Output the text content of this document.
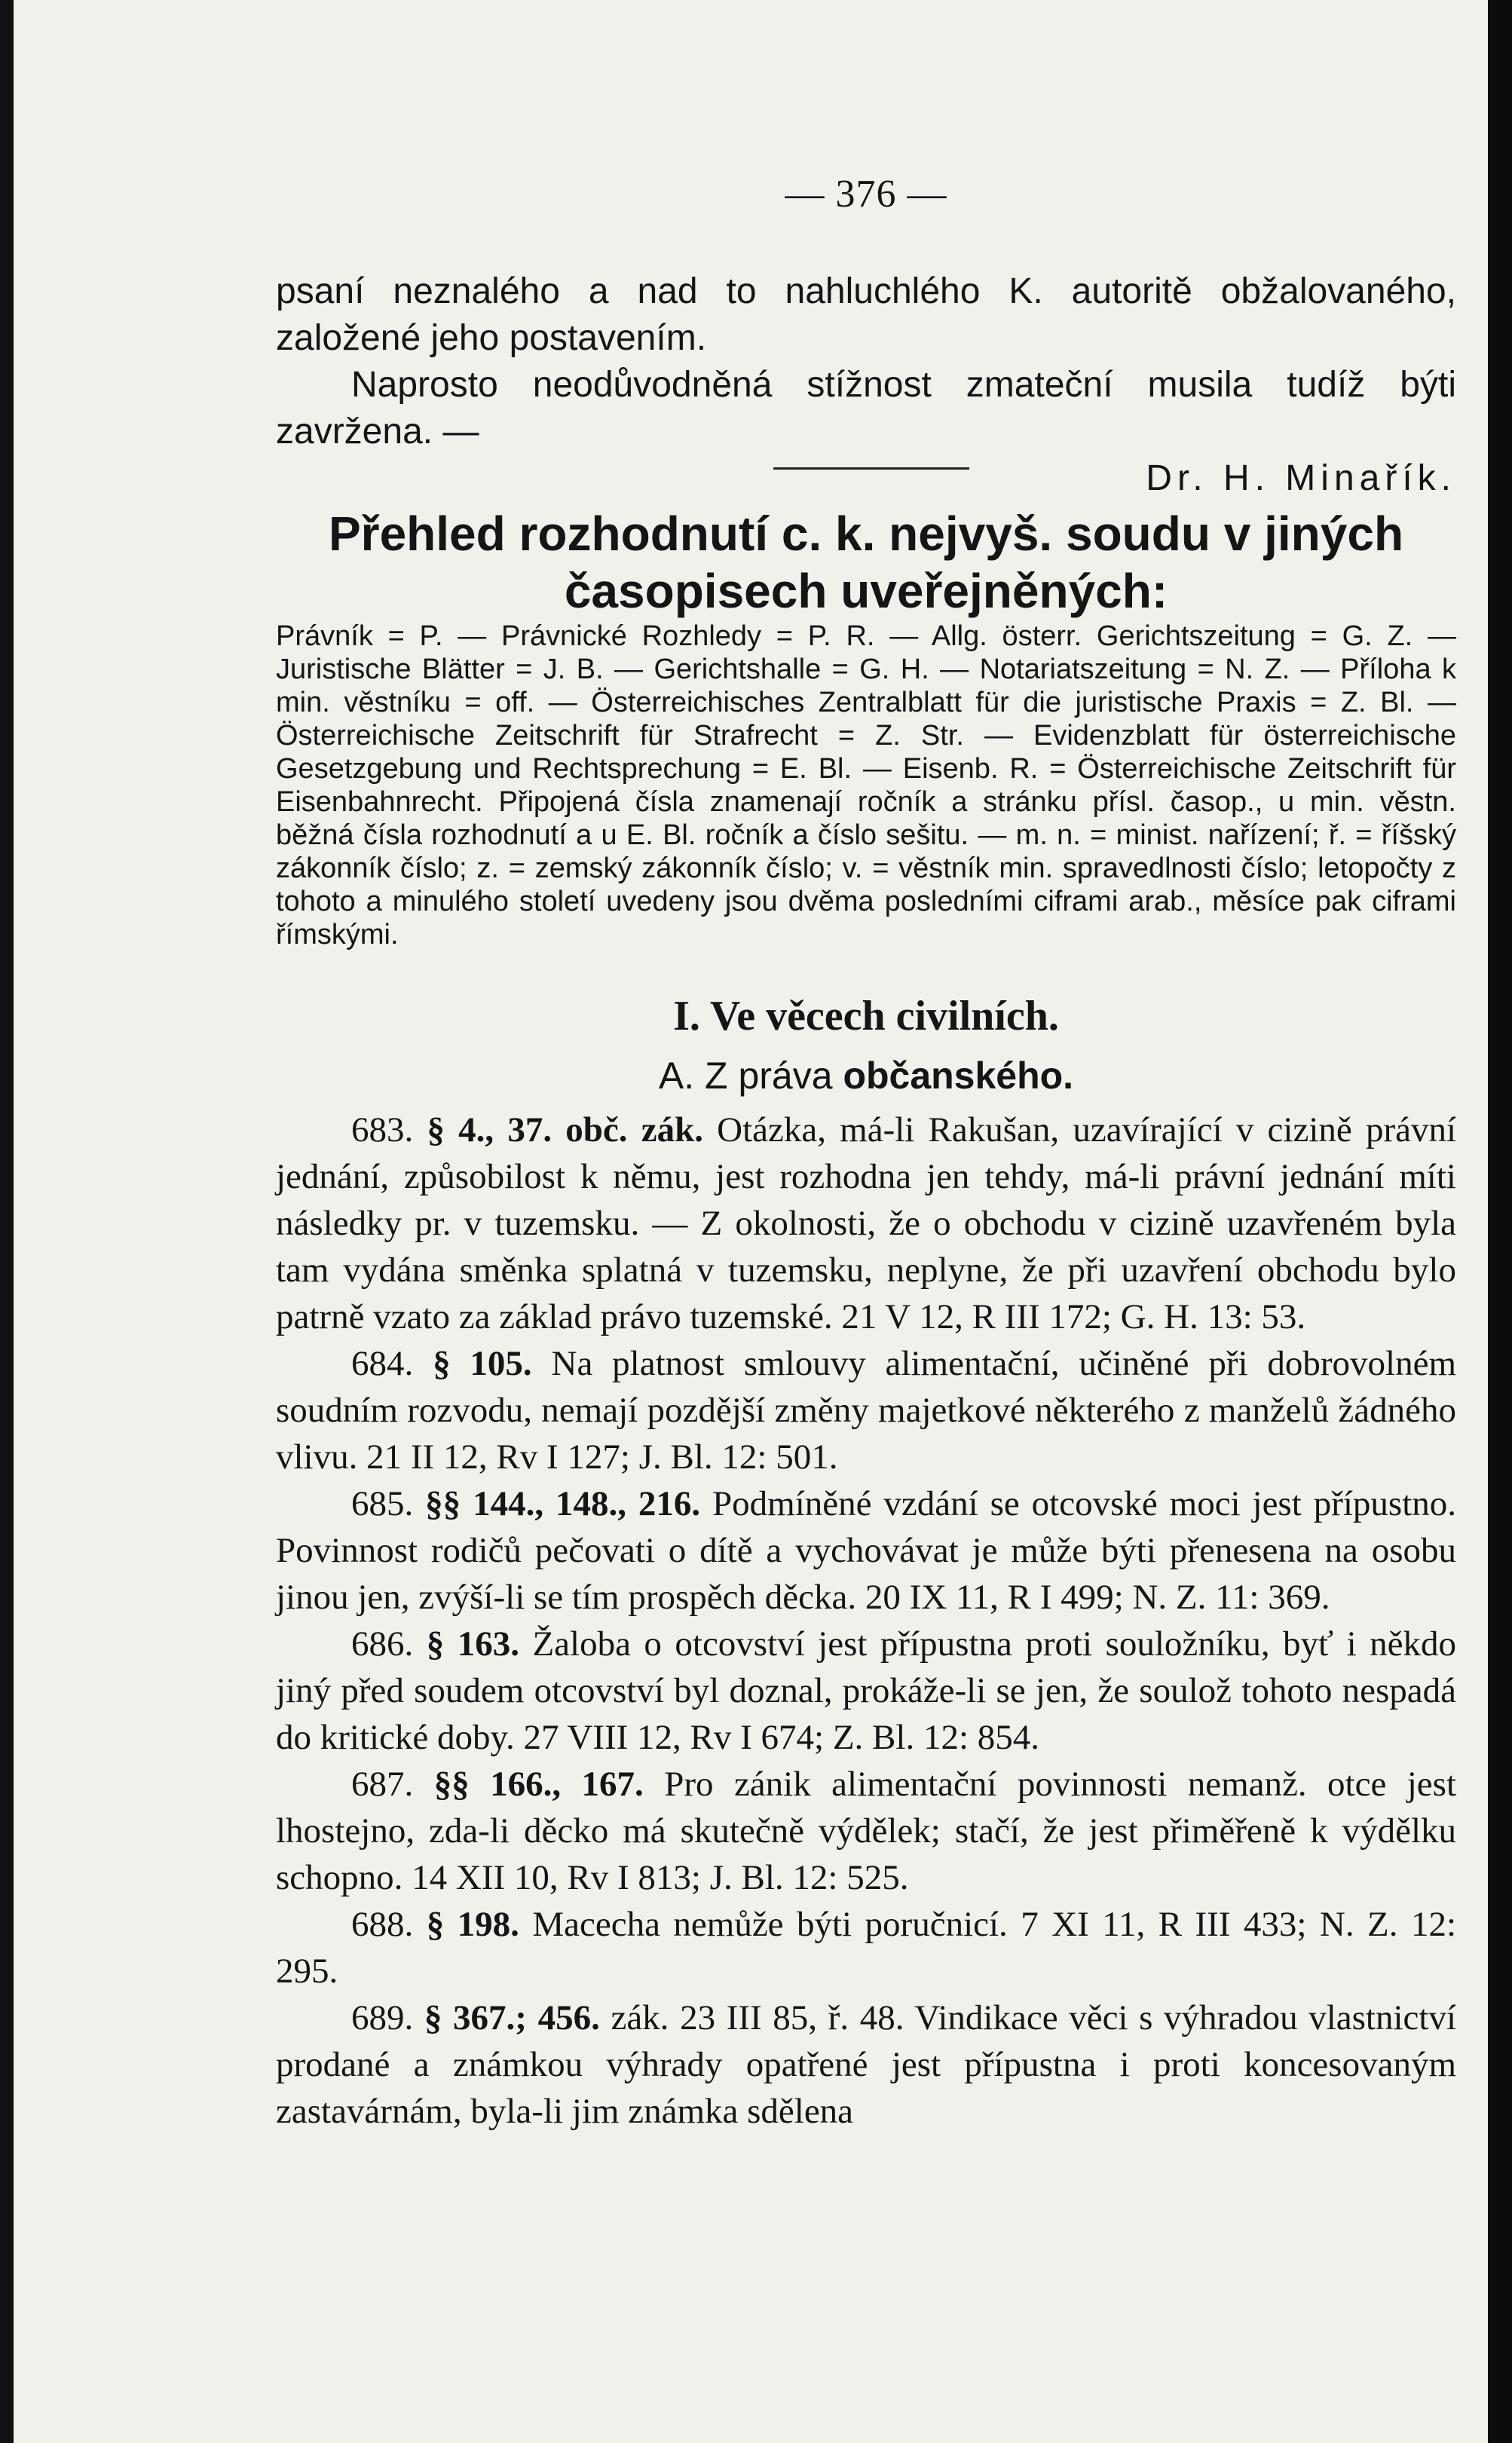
— 376 —

psaní neznalého a nad to nahluchlého K. autoritě obžalovaného, založené jeho postavením.

Naprosto neodůvodněná stížnost zmateční musila tudíž býti zavržena. —

Dr. H. Minařík.

Přehled rozhodnutí c. k. nejvyš. soudu v jiných
časopisech uveřejněných:

Právník = P. — Právnické Rozhledy = P. R. — Allg. österr. Gerichtszeitung = G. Z. — Juristische Blätter = J. B. — Gerichtshalle = G. H. — Notariatszeitung = N. Z. — Příloha k min. věstníku = off. — Österreichisches Zentralblatt für die juristische Praxis = Z. Bl. — Österreichische Zeitschrift für Strafrecht = Z. Str. — Evidenzblatt für österreichische Gesetzgebung und Rechtsprechung = E. Bl. — Eisenb. R. = Österreichische Zeitschrift für Eisenbahnrecht. Připojená čísla znamenají ročník a stránku přísl. časop., u min. věstn. běžná čísla rozhodnutí a u E. Bl. ročník a číslo sešitu. — m. n. = minist. nařízení; ř. = říšský zákonník číslo; z. = zemský zákonník číslo; v. = věstník min. spravedlnosti číslo; letopočty z tohoto a minulého století uvedeny jsou dvěma posledními ciframi arab., měsíce pak ciframi římskými.

I. Ve věcech civilních.
A. Z práva občanského.

683. § 4., 37. obč. zák. Otázka, má-li Rakušan, uzavírající v cizině právní jednání, způsobilost k němu, jest rozhodna jen tehdy, má-li právní jednání míti následky pr. v tuzemsku. — Z okolnosti, že o obchodu v cizině uzavřeném byla tam vydána směnka splatná v tuzemsku, neplyne, že při uzavření obchodu bylo patrně vzato za základ právo tuzemské. 21 V 12, R III 172; G. H. 13: 53.

684. § 105. Na platnost smlouvy alimentační, učiněné při dobrovolném soudním rozvodu, nemají pozdější změny majetkové některého z manželů žádného vlivu. 21 II 12, Rv I 127; J. Bl. 12: 501.

685. §§ 144., 148., 216. Podmíněné vzdání se otcovské moci jest přípustno. Povinnost rodičů pečovati o dítě a vychovávat je může býti přenesena na osobu jinou jen, zvýší-li se tím prospěch děcka. 20 IX 11, R I 499; N. Z. 11: 369.

686. § 163. Žaloba o otcovství jest přípustna proti souložníku, byť i někdo jiný před soudem otcovství byl doznal, prokáže-li se jen, že soulož tohoto nespadá do kritické doby. 27 VIII 12, Rv I 674; Z. Bl. 12: 854.

687. §§ 166., 167. Pro zánik alimentační povinnosti nemanž. otce jest lhostejno, zda-li děcko má skutečně výdělek; stačí, že jest přiměřeně k výdělku schopno. 14 XII 10, Rv I 813; J. Bl. 12: 525.

688. § 198. Macecha nemůže býti poručnicí. 7 XI 11, R III 433; N. Z. 12: 295.

689. § 367.; 456. zák. 23 III 85, ř. 48. Vindikace věci s výhradou vlastnictví prodané a známkou výhrady opatřené jest přípustna i proti koncesovaným zastavárnám, byla-li jim známka sdělena
